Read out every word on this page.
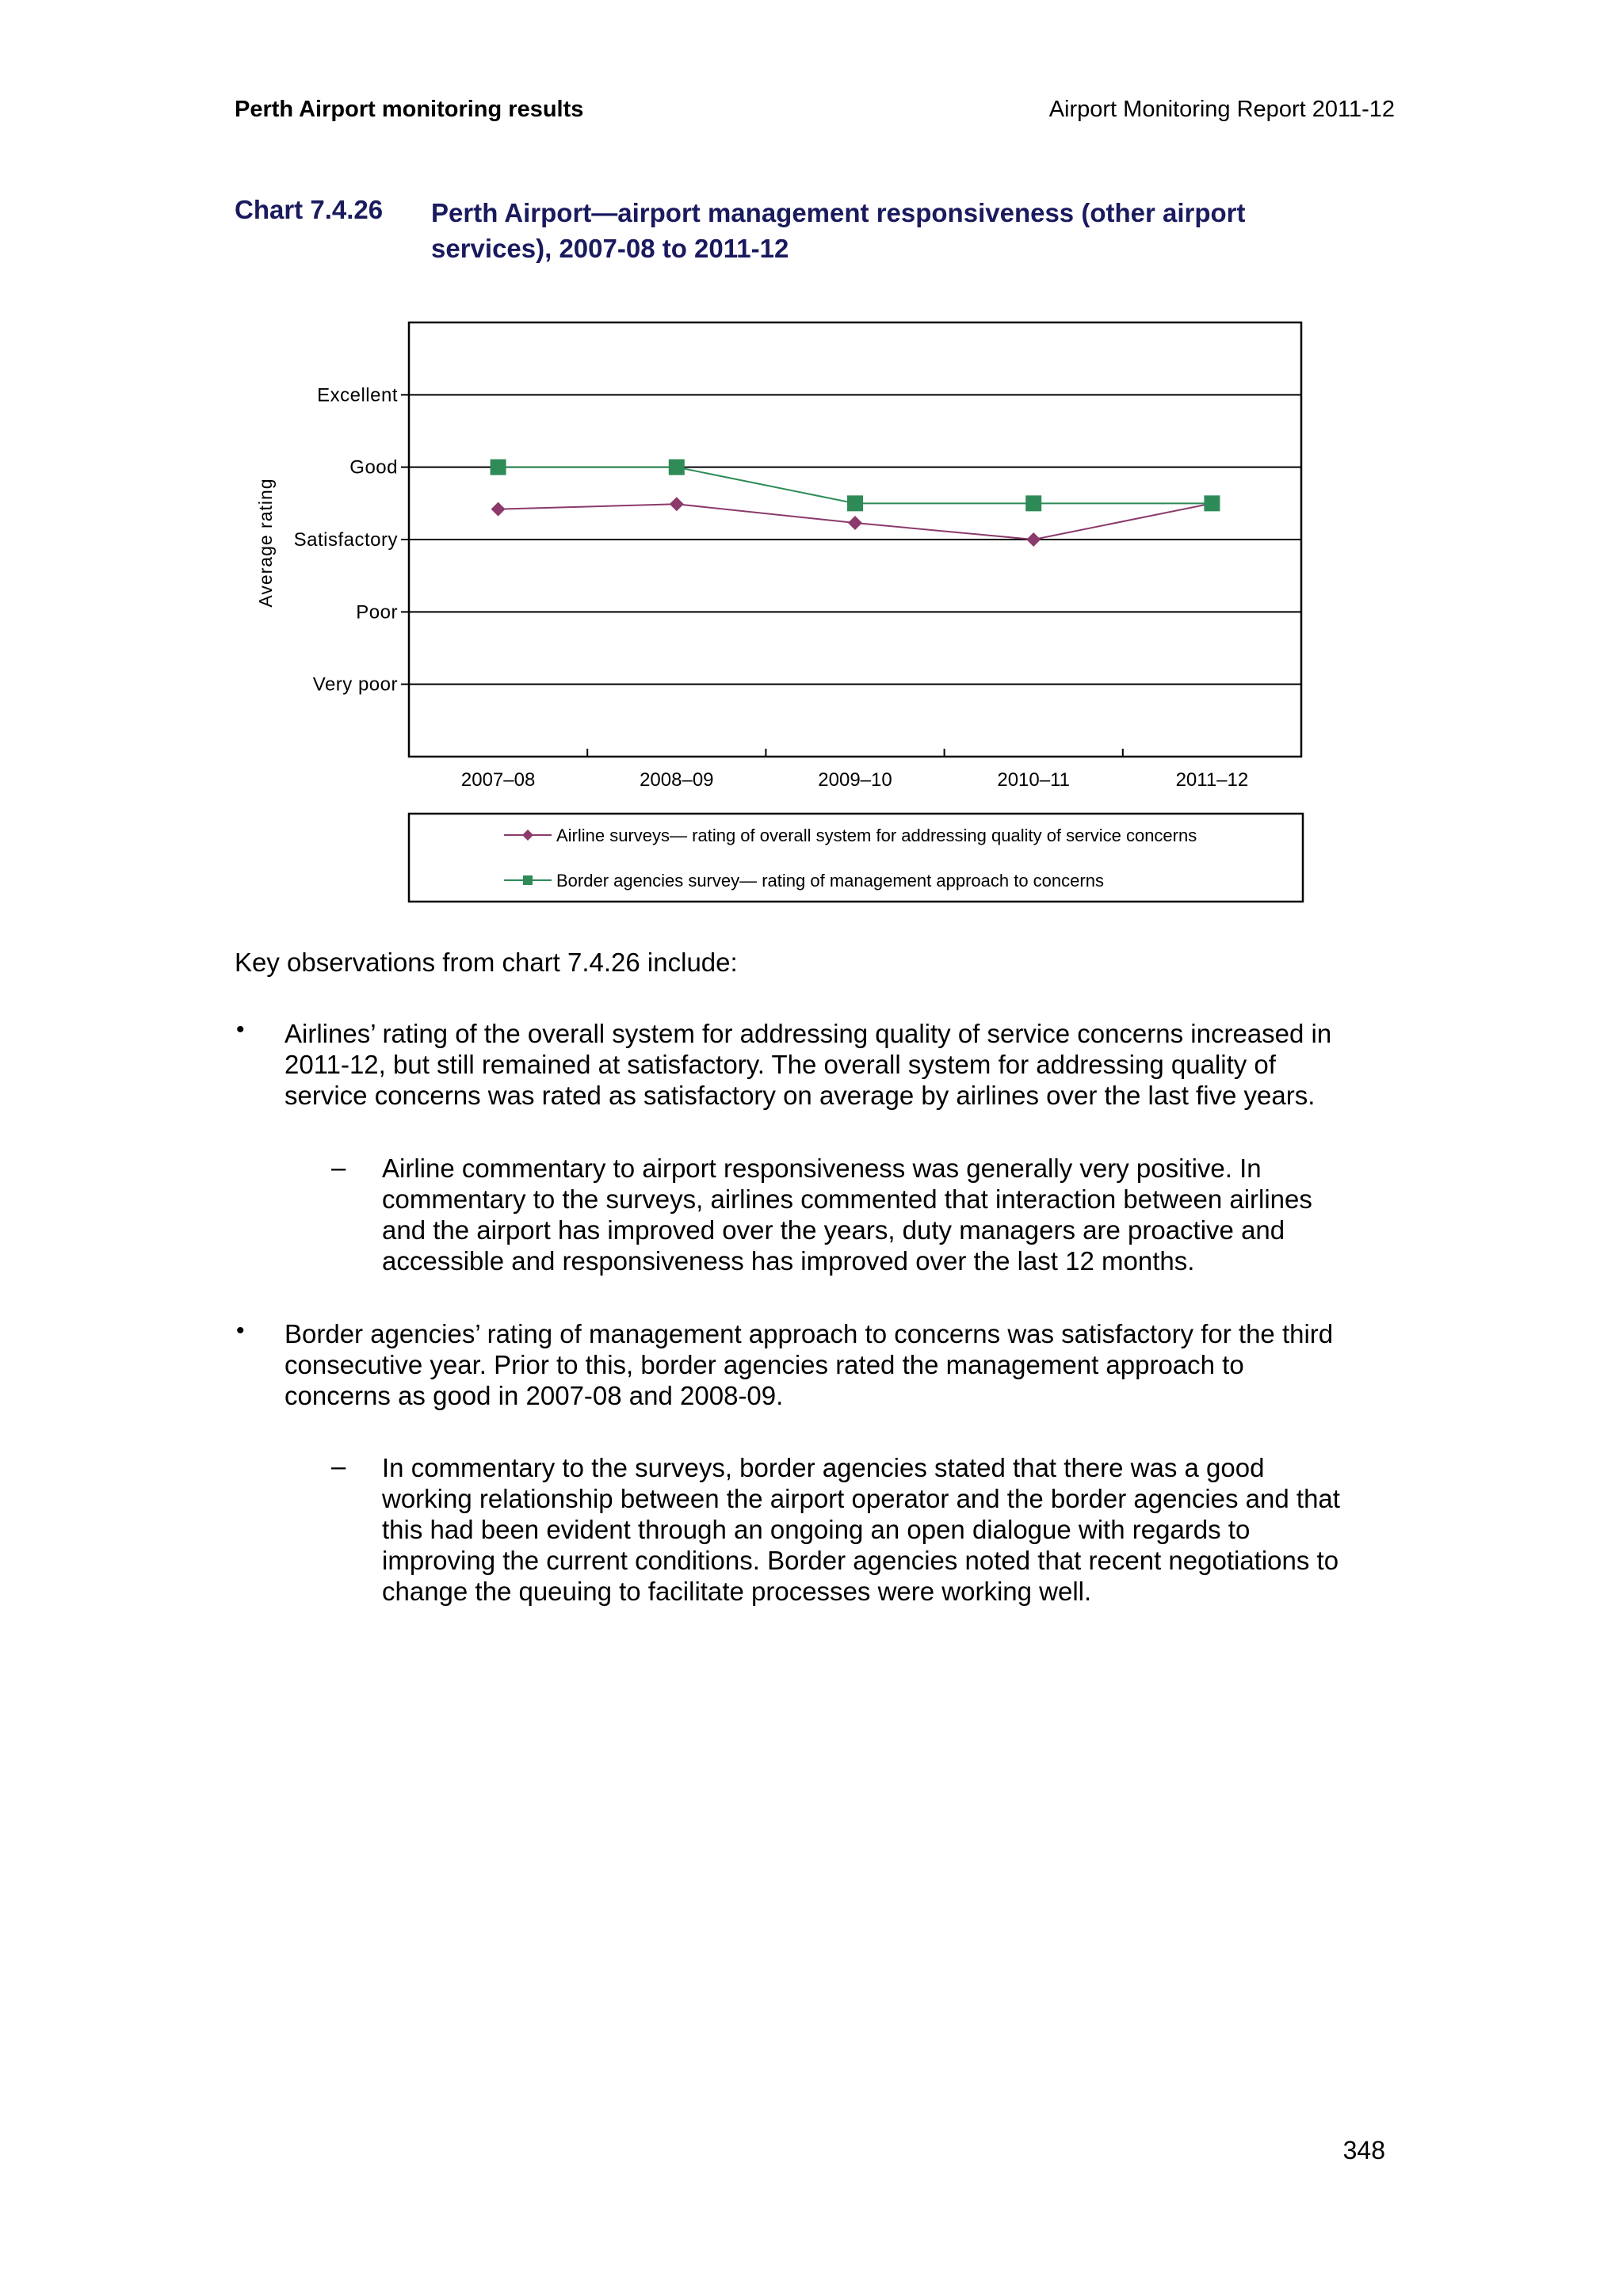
Perth Airport monitoring results	Airport Monitoring Report 2011-12
Chart 7.4.26 Perth Airport—airport management responsiveness (other airport services), 2007-08 to 2011-12
Excellent
Good
Satisfactory
Poor
Very poor
Average rating
2007–08	2008–09	2009–10	2010–11	2011–12
Airline surveys— rating of overall system for addressing quality of service concerns
Border agencies survey— rating of management approach to concerns
Key observations from chart 7.4.26 include:
• Airlines’ rating of the overall system for addressing quality of service concerns increased in
2011-12, but still remained at satisfactory. The overall system for addressing quality of
service concerns was rated as satisfactory on average by airlines over the last five years.
– Airline commentary to airport responsiveness was generally very positive. In
commentary to the surveys, airlines commented that interaction between airlines
and the airport has improved over the years, duty managers are proactive and
accessible and responsiveness has improved over the last 12 months.
• Border agencies’ rating of management approach to concerns was satisfactory for the third
consecutive year. Prior to this, border agencies rated the management approach to
concerns as good in 2007-08 and 2008-09.
– In commentary to the surveys, border agencies stated that there was a good
working relationship between the airport operator and the border agencies and that
this had been evident through an ongoing an open dialogue with regards to
improving the current conditions. Border agencies noted that recent negotiations to
change the queuing to facilitate processes were working well.
348
